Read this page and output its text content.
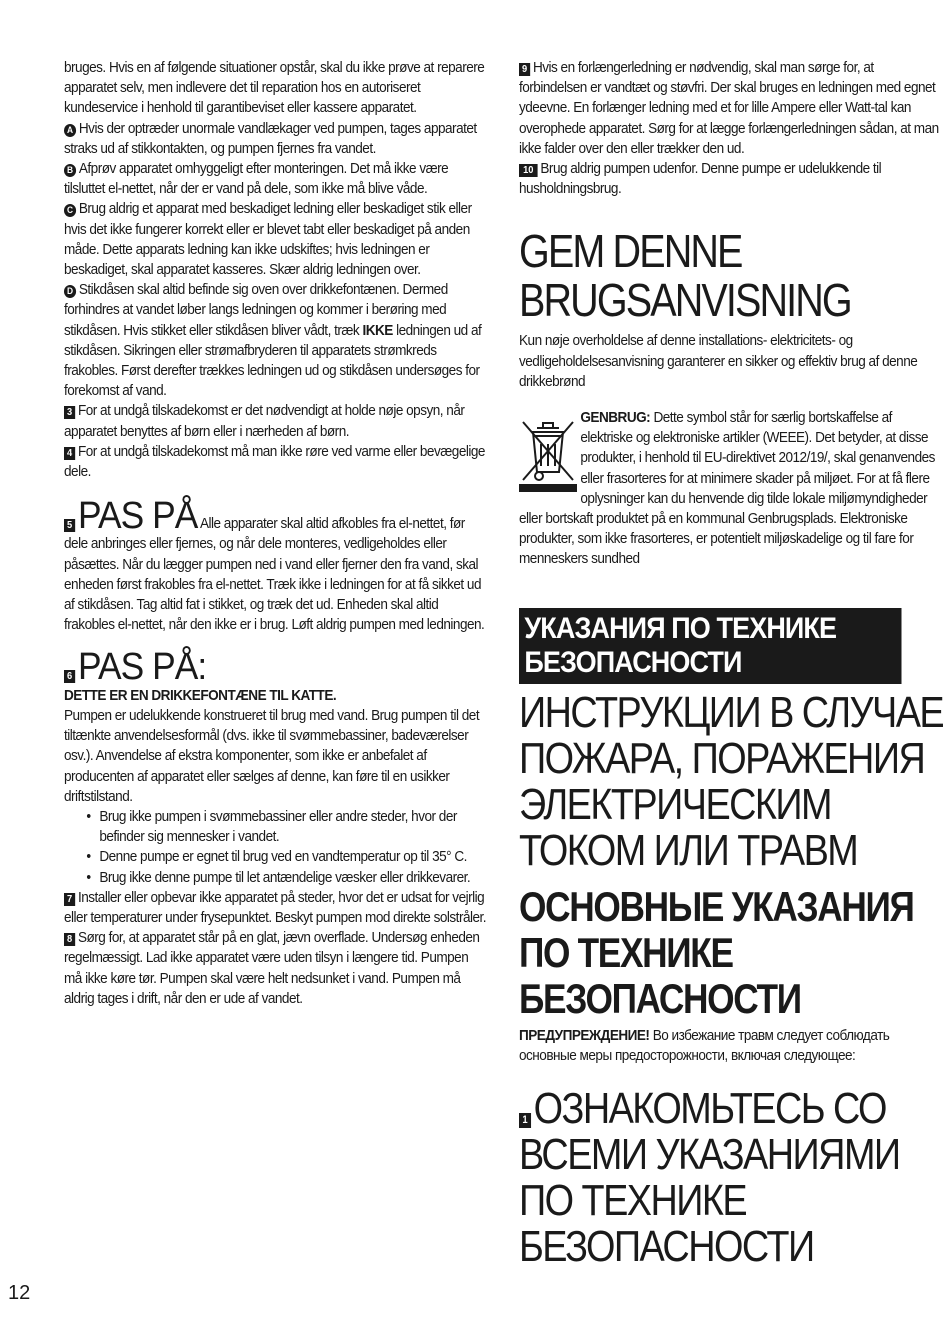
bruges. Hvis en af følgende situationer opstår, skal du ikke prøve at reparere apparatet selv, men indlevere det til reparation hos en autoriseret kundeservice i henhold til garantibeviset eller kassere apparatet.

A Hvis der optræder unormale vandlækager ved pumpen, tages apparatet straks ud af stikkontakten, og pumpen fjernes fra vandet.

B Afprøv apparatet omhyggeligt efter monteringen. Det må ikke være tilsluttet el-nettet, når der er vand på dele, som ikke må blive våde.

C Brug aldrig et apparat med beskadiget ledning eller beskadiget stik eller hvis det ikke fungerer korrekt eller er blevet tabt eller beskadiget på anden måde. Dette apparats ledning kan ikke udskiftes; hvis ledningen er beskadiget, skal apparatet kasseres. Skær aldrig ledningen over.

D Stikdåsen skal altid befinde sig oven over drikkefontænen. Dermed forhindres at vandet løber langs ledningen og kommer i berøring med stikdåsen. Hvis stikket eller stikdåsen bliver vådt, træk IKKE ledningen ud af stikdåsen. Sikringen eller strømafbryderen til apparatets strømkreds frakobles. Først derefter trækkes ledningen ud og stikdåsen undersøges for forekomst af vand.

3 For at undgå tilskadekomst er det nødvendigt at holde nøje opsyn, når apparatet benyttes af børn eller i nærheden af børn.

4 For at undgå tilskadekomst må man ikke røre ved varme eller bevægelige dele.

5 PAS PÅ Alle apparater skal altid afkobles fra el-nettet, før dele anbringes eller fjernes, og når dele monteres, vedligeholdes eller påsættes. Når du lægger pumpen ned i vand eller fjerner den fra vand, skal enheden først frakobles fra el-nettet. Træk ikke i ledningen for at få sikket ud af stikdåsen. Tag altid fat i stikket, og træk det ud. Enheden skal altid frakobles el-nettet, når den ikke er i brug. Løft aldrig pumpen med ledningen.

6 PAS PÅ:

DETTE ER EN DRIKKEFONTÆNE TIL KATTE.

Pumpen er udelukkende konstrueret til brug med vand. Brug pumpen til det tiltænkte anvendelsesformål (dvs. ikke til svømmebassiner, badeværelser osv.). Anvendelse af ekstra komponenter, som ikke er anbefalet af producenten af apparatet eller sælges af denne, kan føre til en usikker driftstilstand.

• Brug ikke pumpen i svømmebassiner eller andre steder, hvor der befinder sig mennesker i vandet.
• Denne pumpe er egnet til brug ved en vandtemperatur op til 35° C.
• Brug ikke denne pumpe til let antændelige væsker eller drikkevarer.

7 Installer eller opbevar ikke apparatet på steder, hvor det er udsat for vejrlig eller temperaturer under frysepunktet. Beskyt pumpen mod direkte solstråler.

8 Sørg for, at apparatet står på en glat, jævn overflade. Undersøg enheden regelmæssigt. Lad ikke apparatet være uden tilsyn i længere tid. Pumpen må ikke køre tør. Pumpen skal være helt nedsunket i vand. Pumpen må aldrig tages i drift, når den er ude af vandet.

9 Hvis en forlængerledning er nødvendig, skal man sørge for, at forbindelsen er vandtæt og støvfri. Der skal bruges en ledningen med egnet ydeevne. En forlænger ledning med et for lille Ampere eller Watt-tal kan overophede apparatet. Sørg for at lægge forlængerledningen sådan, at man ikke falder over den eller trækker den ud.

10 Brug aldrig pumpen udenfor. Denne pumpe er udelukkende til husholdningsbrug.

GEM DENNE BRUGSANVISNING

Kun nøje overholdelse af denne installations- elektricitets- og vedligeholdelsesanvisning garanterer en sikker og effektiv brug af denne drikkebrønd

GENBRUG: Dette symbol står for særlig bortskaffelse af elektriske og elektroniske artikler (WEEE). Det betyder, at disse produkter, i henhold til EU-direktivet 2012/19/, skal genanvendes eller frasorteres for at minimere skader på miljøet. For at få flere oplysninger kan du henvende dig tilde lokale miljømyndigheder eller bortskaft produktet på en kommunal Genbrugsplads. Elektroniske produkter, som ikke frasorteres, er potentielt miljøskadelige og til fare for menneskers sundhed

УКАЗАНИЯ ПО ТЕХНИКЕ БЕЗОПАСНОСТИ
ИНСТРУКЦИИ В СЛУЧАЕ ПОЖАРА, ПОРАЖЕНИЯ ЭЛЕКТРИЧЕСКИМ ТОКОМ ИЛИ ТРАВМ
ОСНОВНЫЕ УКАЗАНИЯ ПО ТЕХНИКЕ БЕЗОПАСНОСТИ

ПРЕДУПРЕЖДЕНИЕ! Во избежание травм следует соблюдать основные меры предосторожности, включая следующее:

1 ОЗНАКОМЬТЕСЬ СО ВСЕМИ УКАЗАНИЯМИ ПО ТЕХНИКЕ БЕЗОПАСНОСТИ
12
